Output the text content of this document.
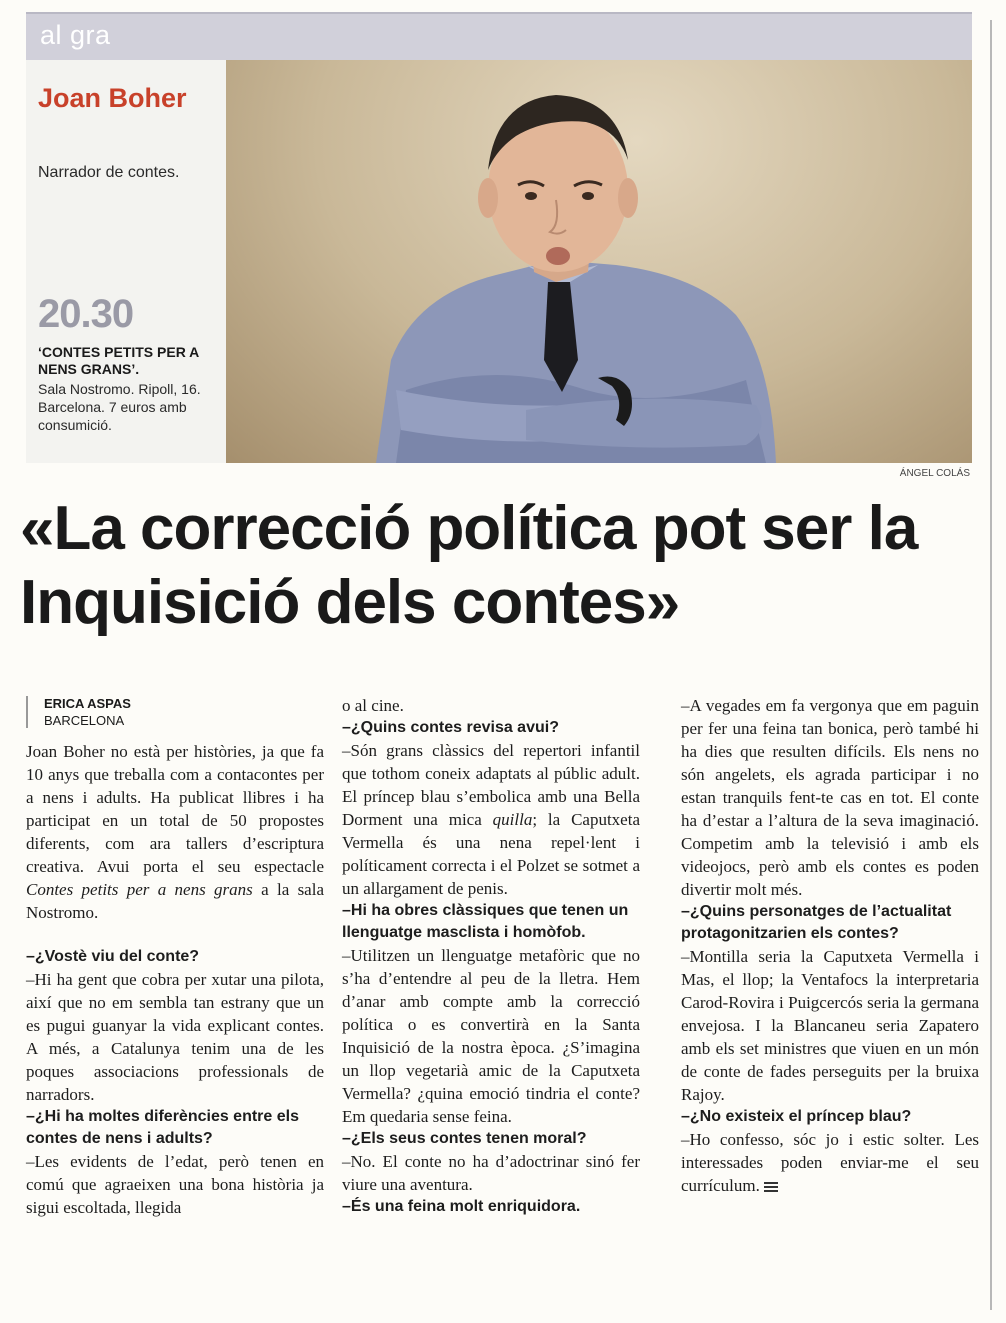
al gra
Joan Boher
Narrador de contes.
20.30
‘CONTES PETITS PER A NENS GRANS’.
Sala Nostromo. Ripoll, 16. Barcelona. 7 euros amb consumició.
ÁNGEL COLÁS
«La correcció política pot ser la Inquisició dels contes»
ERICA ASPAS
BARCELONA

Joan Boher no està per històries, ja que fa 10 anys que treballa com a contacontes per a nens i adults. Ha publicat llibres i ha participat en un total de 50 propostes diferents, com ara tallers d’escriptura creativa. Avui porta el seu espectacle Contes petits per a nens grans a la sala Nostromo.

–¿Vostè viu del conte?

–Hi ha gent que cobra per xutar una pilota, així que no em sembla tan estrany que un es pugui guanyar la vida explicant contes. A més, a Catalunya tenim una de les poques associacions professionals de narradors.

–¿Hi ha moltes diferències entre els contes de nens i adults?

–Les evidents de l’edat, però tenen en comú que agraeixen una bona història ja sigui escoltada, llegida

o al cine.

–¿Quins contes revisa avui?

–Són grans clàssics del repertori infantil que tothom coneix adaptats al públic adult. El príncep blau s’embolica amb una Bella Dorment una mica quilla; la Caputxeta Vermella és una nena repel·lent i políticament correcta i el Polzet se sotmet a un allargament de penis.

–Hi ha obres clàssiques que tenen un llenguatge masclista i homòfob.

–Utilitzen un llenguatge metafòric que no s’ha d’entendre al peu de la lletra. Hem d’anar amb compte amb la correcció política o es convertirà en la Santa Inquisició de la nostra època. ¿S’imagina un llop vegetarià amic de la Caputxeta Vermella? ¿quina emoció tindria el conte? Em quedaria sense feina.

–¿Els seus contes tenen moral?

–No. El conte no ha d’adoctrinar sinó fer viure una aventura.

–És una feina molt enriquidora.

–A vegades em fa vergonya que em paguin per fer una feina tan bonica, però també hi ha dies que resulten difícils. Els nens no són angelets, els agrada participar i no estan tranquils fent-te cas en tot. El conte ha d’estar a l’altura de la seva imaginació. Competim amb la televisió i amb els videojocs, però amb els contes es poden divertir molt més.

–¿Quins personatges de l’actualitat protagonitzarien els contes?

–Montilla seria la Caputxeta Vermella i Mas, el llop; la Ventafocs la interpretaria Carod-Rovira i Puigcercós seria la germana envejosa. I la Blancaneu seria Zapatero amb els set ministres que viuen en un món de conte de fades perseguits per la bruixa Rajoy.

–¿No existeix el príncep blau?

–Ho confesso, sóc jo i estic solter. Les interessades poden enviar-me el seu currículum.
